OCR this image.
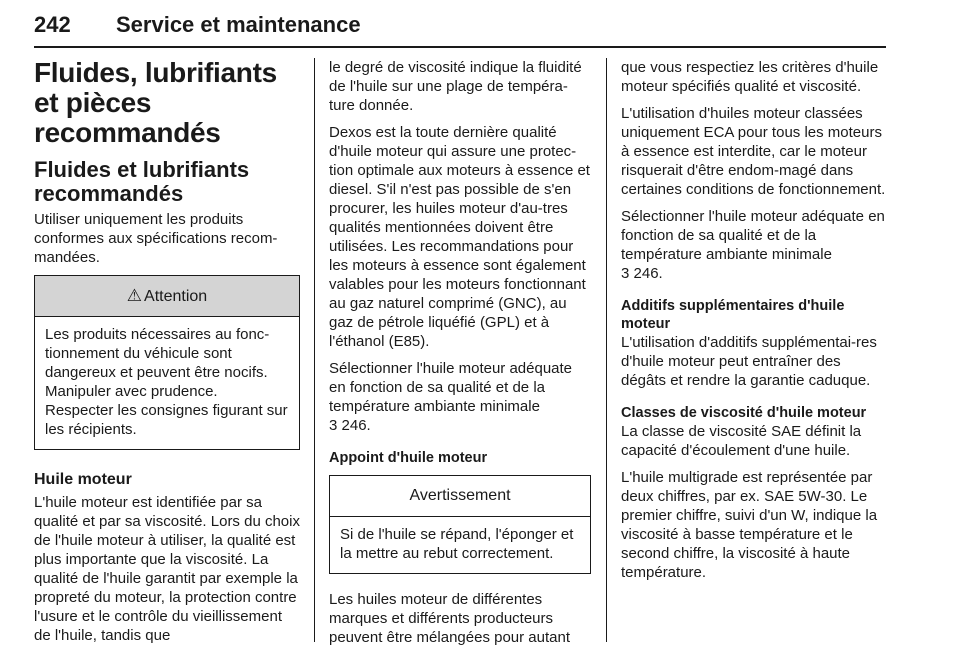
242 Service et maintenance
Fluides, lubrifiants et pièces recommandés
Fluides et lubrifiants recommandés

Utiliser uniquement les produits conformes aux spécifications recom-mandées.

⚠ Attention
Les produits nécessaires au fonc-tionnement du véhicule sont dangereux et peuvent être nocifs. Manipuler avec prudence. Respecter les consignes figurant sur les récipients.
Huile moteur

L'huile moteur est identifiée par sa qualité et par sa viscosité. Lors du choix de l'huile moteur à utiliser, la qualité est plus importante que la viscosité. La qualité de l'huile garantit par exemple la propreté du moteur, la protection contre l'usure et le contrôle du vieillissement de l'huile, tandis que

le degré de viscosité indique la fluidité de l'huile sur une plage de tempéra-ture donnée.

Dexos est la toute dernière qualité d'huile moteur qui assure une protec-tion optimale aux moteurs à essence et diesel. S'il n'est pas possible de s'en procurer, les huiles moteur d'au-tres qualités mentionnées doivent être utilisées. Les recommandations pour les moteurs à essence sont également valables pour les moteurs fonctionnant au gaz naturel comprimé (GNC), au gaz de pétrole liquéfié (GPL) et à l'éthanol (E85).

Sélectionner l'huile moteur adéquate en fonction de sa qualité et de la température ambiante minimale
3 246.

Appoint d'huile moteur
Avertissement
Si de l'huile se répand, l'éponger et la mettre au rebut correctement.

Les huiles moteur de différentes marques et différents producteurs peuvent être mélangées pour autant

que vous respectiez les critères d'huile moteur spécifiés qualité et viscosité.

L'utilisation d'huiles moteur classées uniquement ECA pour tous les moteurs à essence est interdite, car le moteur risquerait d'être endom-magé dans certaines conditions de fonctionnement.

Sélectionner l'huile moteur adéquate en fonction de sa qualité et de la température ambiante minimale
3 246.

Additifs supplémentaires d'huile moteur

L'utilisation d'additifs supplémentai-res d'huile moteur peut entraîner des dégâts et rendre la garantie caduque.

Classes de viscosité d'huile moteur

La classe de viscosité SAE définit la capacité d'écoulement d'une huile.

L'huile multigrade est représentée par deux chiffres, par ex. SAE 5W-30. Le premier chiffre, suivi d'un W, indique la viscosité à basse température et le second chiffre, la viscosité à haute température.
